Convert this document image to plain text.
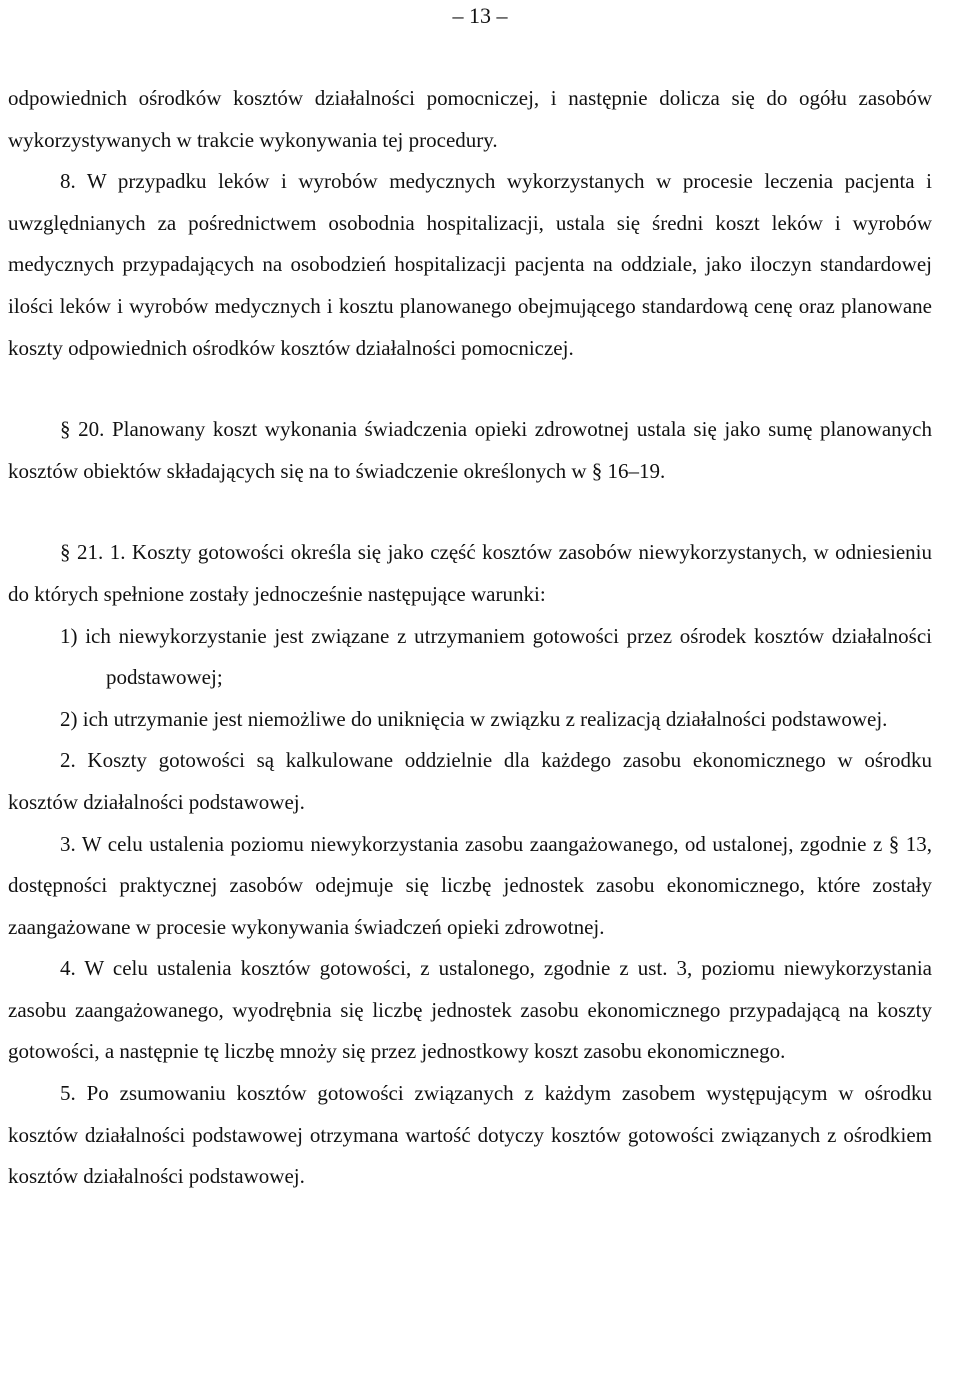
– 13 –

odpowiednich ośrodków kosztów działalności pomocniczej, i następnie dolicza się do ogółu zasobów wykorzystywanych w trakcie wykonywania tej procedury.

8. W przypadku leków i wyrobów medycznych wykorzystanych w procesie leczenia pacjenta i uwzględnianych za pośrednictwem osobodnia hospitalizacji, ustala się średni koszt leków i wyrobów medycznych przypadających na osobodzień hospitalizacji pacjenta na oddziale, jako iloczyn standardowej ilości leków i wyrobów medycznych i kosztu planowanego obejmującego standardową cenę oraz planowane koszty odpowiednich ośrodków kosztów działalności pomocniczej.

§ 20. Planowany koszt wykonania świadczenia opieki zdrowotnej ustala się jako sumę planowanych kosztów obiektów składających się na to świadczenie określonych w § 16–19.

§ 21. 1. Koszty gotowości określa się jako część kosztów zasobów niewykorzystanych, w odniesieniu do których spełnione zostały jednocześnie następujące warunki:

1) ich niewykorzystanie jest związane z utrzymaniem gotowości przez ośrodek kosztów działalności podstawowej;

2) ich utrzymanie jest niemożliwe do uniknięcia w związku z realizacją działalności podstawowej.

2. Koszty gotowości są kalkulowane oddzielnie dla każdego zasobu ekonomicznego w ośrodku kosztów działalności podstawowej.

3. W celu ustalenia poziomu niewykorzystania zasobu zaangażowanego, od ustalonej, zgodnie z § 13, dostępności praktycznej zasobów odejmuje się liczbę jednostek zasobu ekonomicznego, które zostały zaangażowane w procesie wykonywania świadczeń opieki zdrowotnej.

4. W celu ustalenia kosztów gotowości, z ustalonego, zgodnie z ust. 3, poziomu niewykorzystania zasobu zaangażowanego, wyodrębnia się liczbę jednostek zasobu ekonomicznego przypadającą na koszty gotowości, a następnie tę liczbę mnoży się przez jednostkowy koszt zasobu ekonomicznego.

5. Po zsumowaniu kosztów gotowości związanych z każdym zasobem występującym w ośrodku kosztów działalności podstawowej otrzymana wartość dotyczy kosztów gotowości związanych z ośrodkiem kosztów działalności podstawowej.
